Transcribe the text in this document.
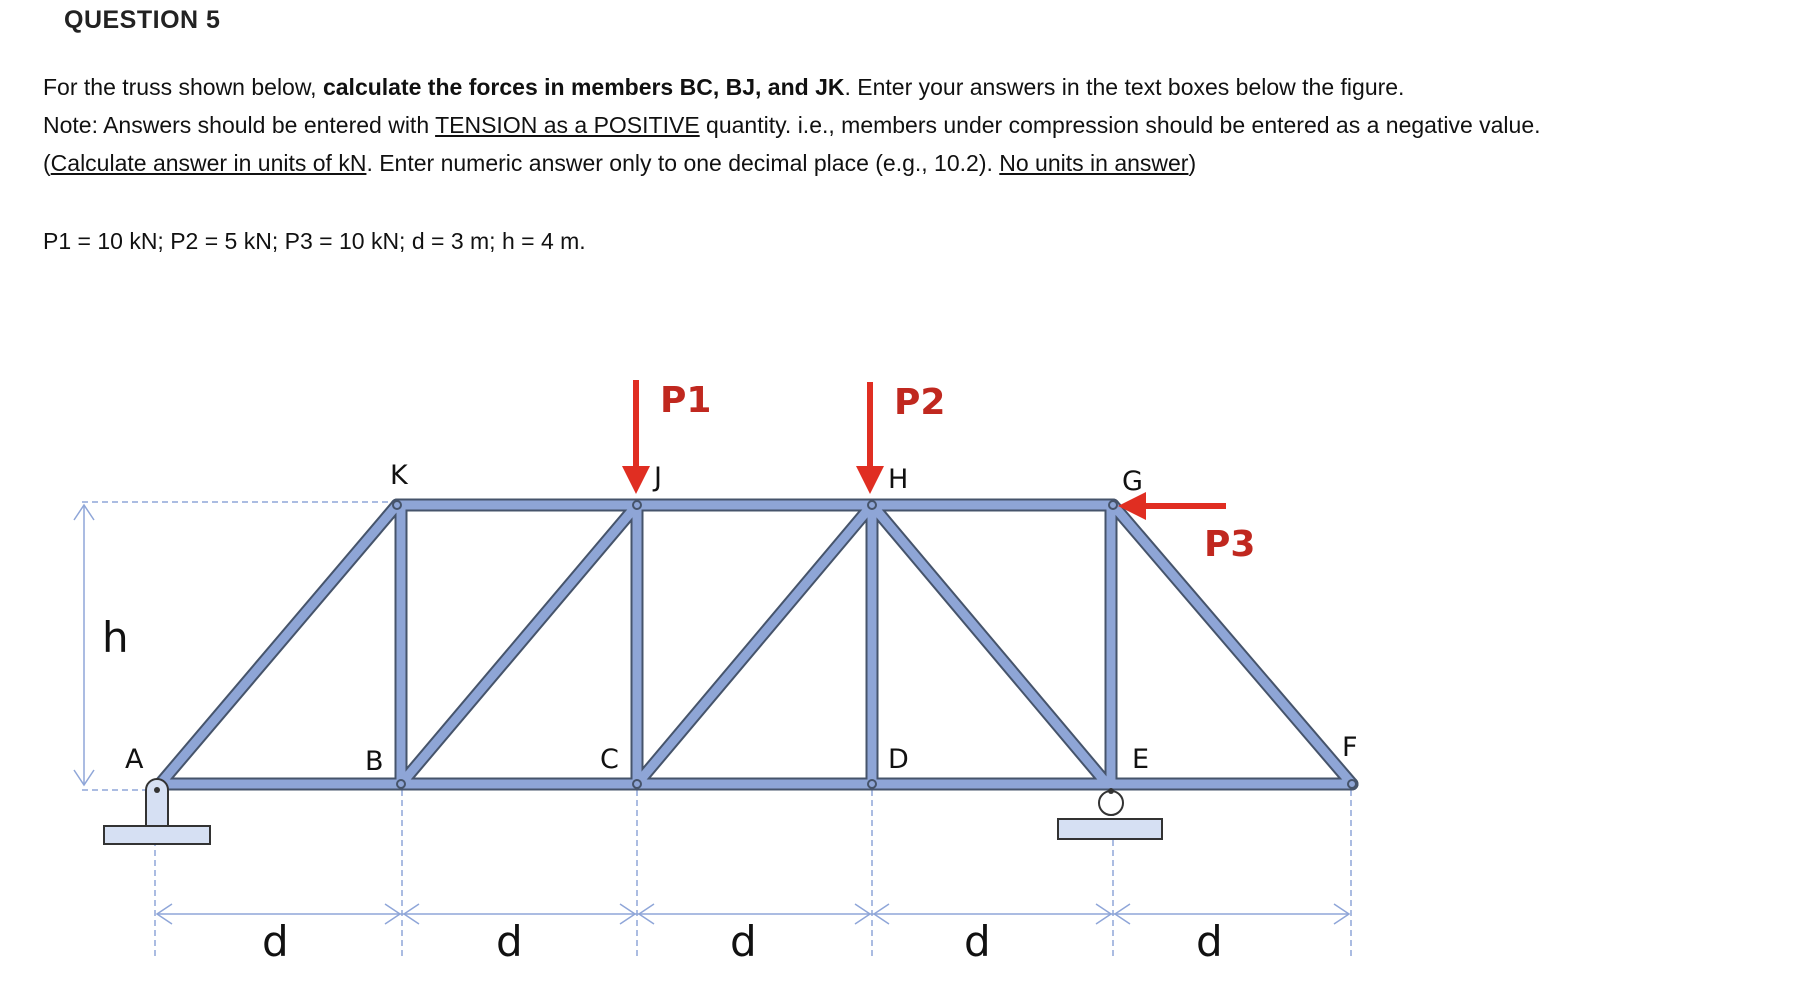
QUESTION 5
For the truss shown below, calculate the forces in members BC, BJ, and JK. Enter your answers in the text boxes below the figure.
Note: Answers should be entered with TENSION as a POSITIVE quantity. i.e., members under compression should be entered as a negative value.
(Calculate answer in units of kN. Enter numeric answer only to one decimal place (e.g., 10.2). No units in answer)
P1 = 10 kN; P2 = 5 kN; P3 = 10 kN; d = 3 m; h = 4 m.
P1	P2
P3
K	J	H	G
A	B	C	D	E	F
h
d	d	d	d	d
